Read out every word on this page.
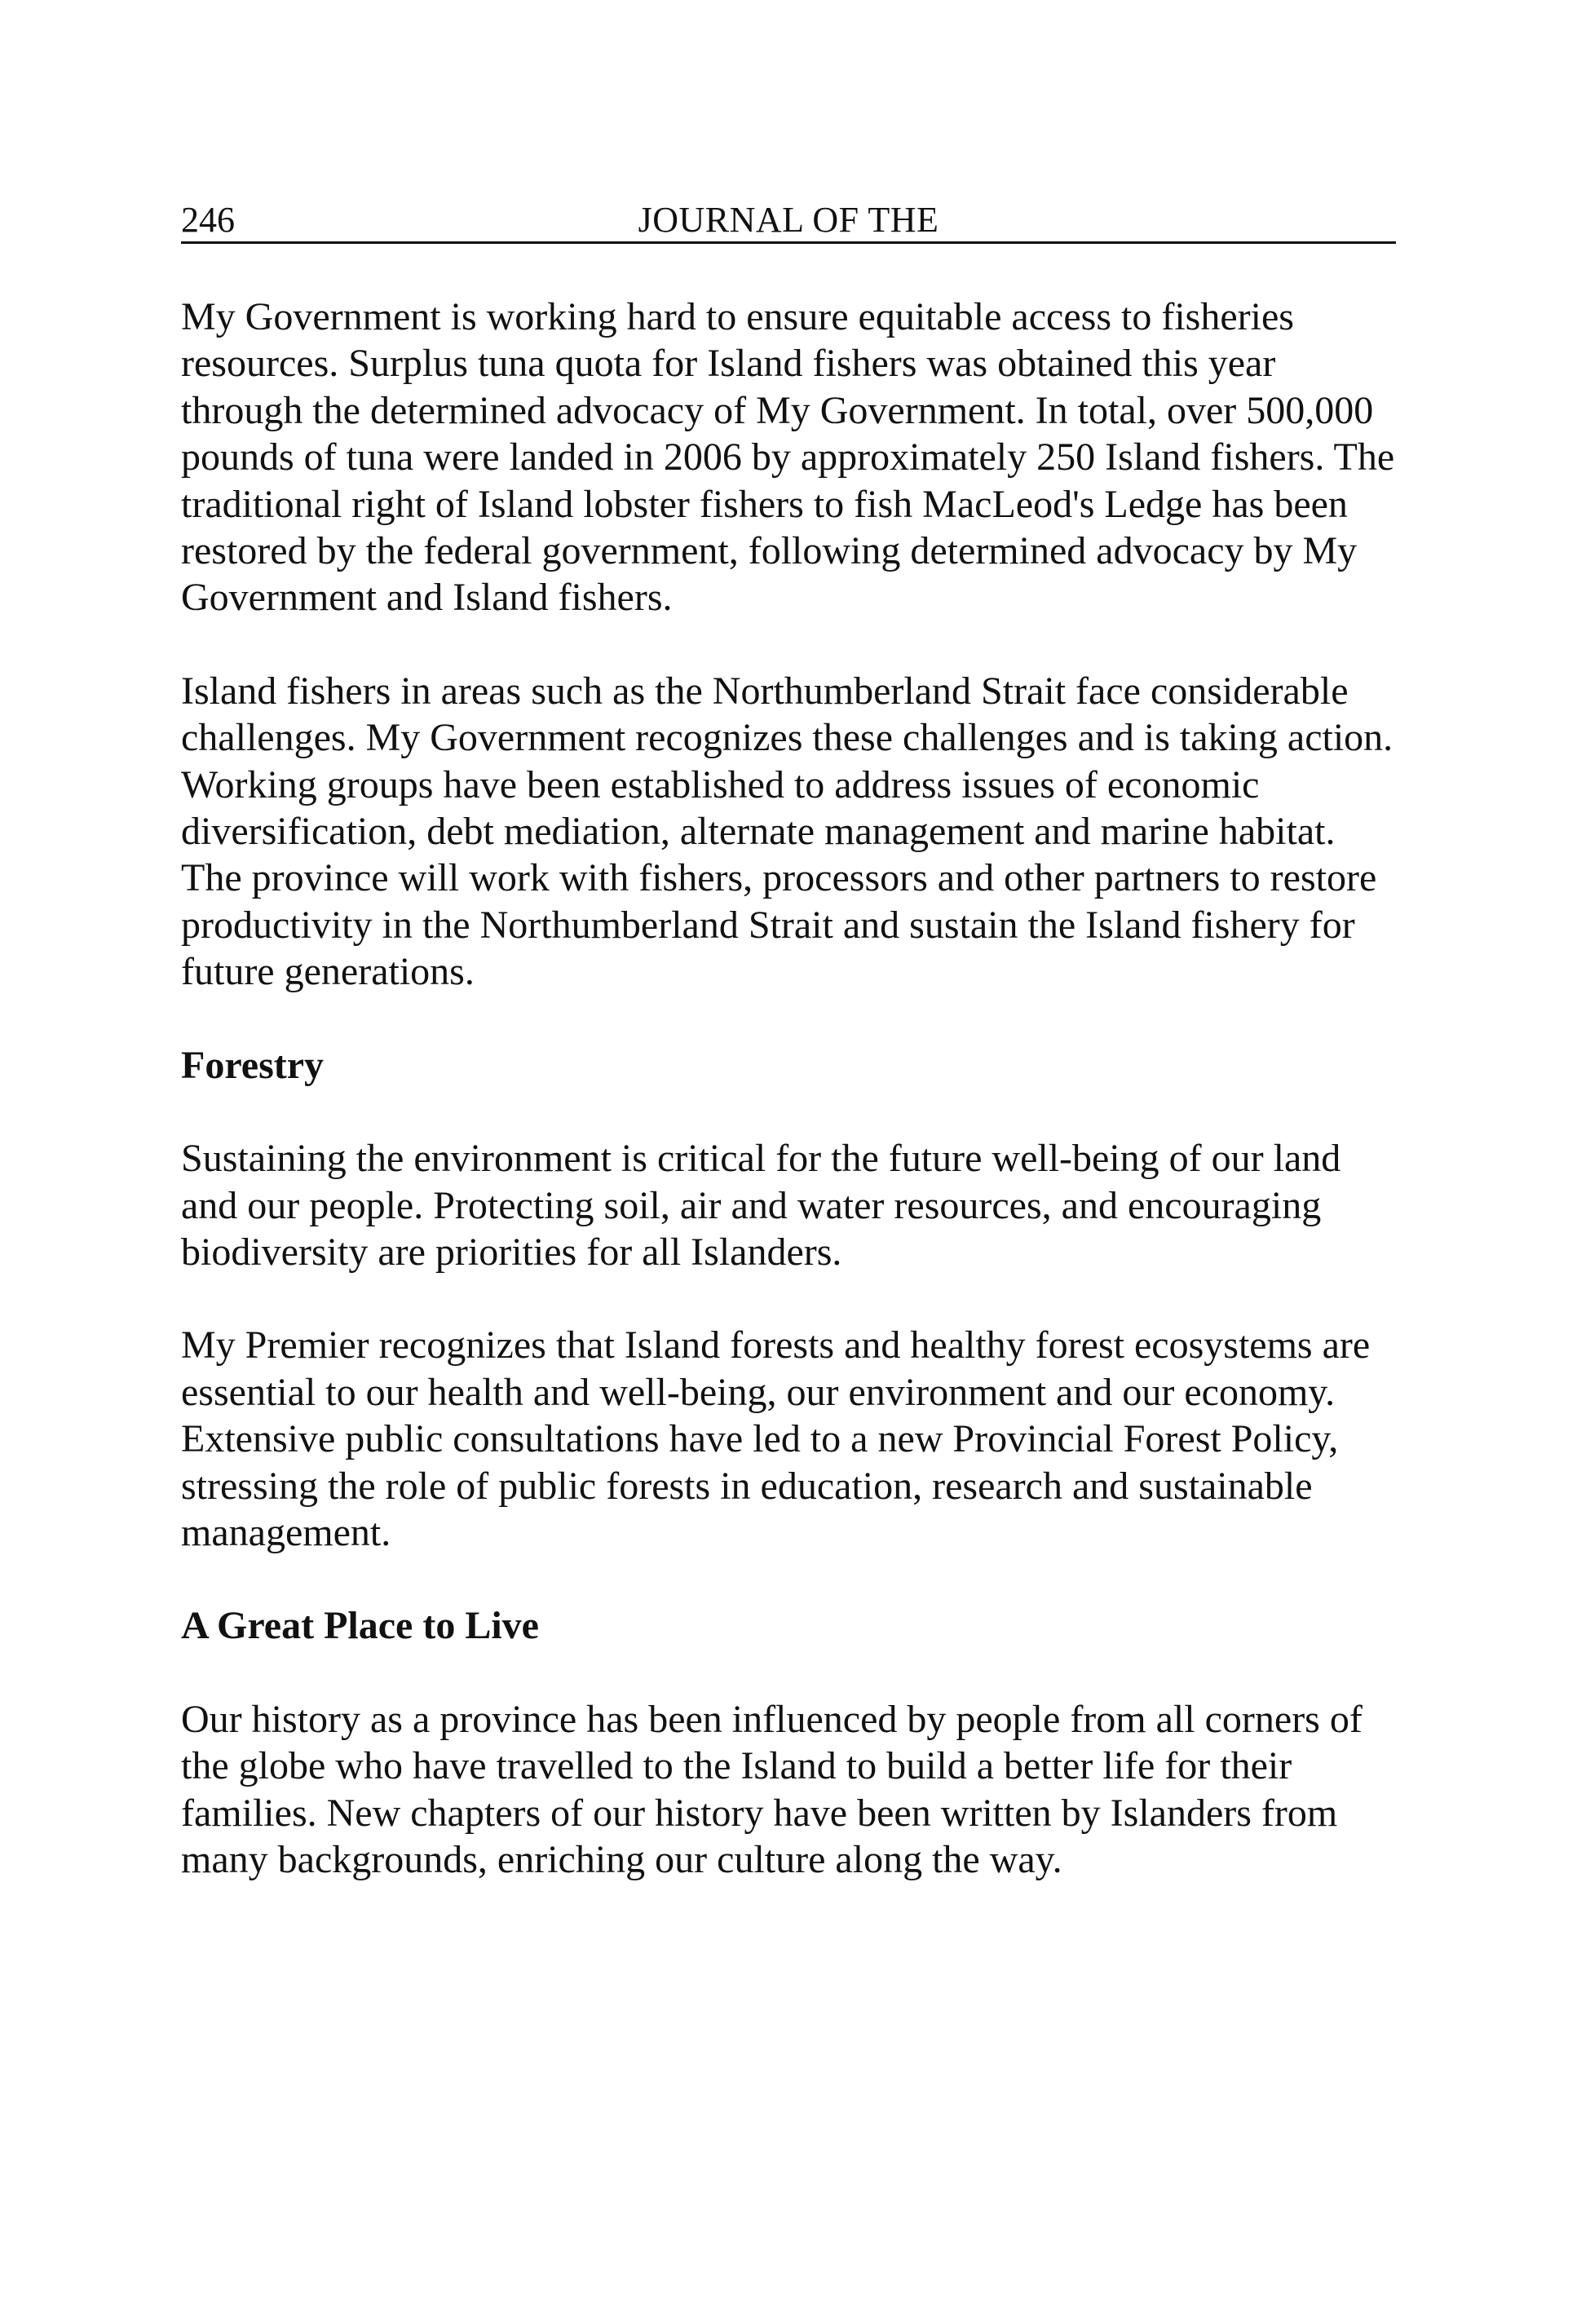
246	JOURNAL OF THE

My Government is working hard to ensure equitable access to fisheries resources. Surplus tuna quota for Island fishers was obtained this year through the determined advocacy of My Government. In total, over 500,000 pounds of tuna were landed in 2006 by approximately 250 Island fishers. The traditional right of Island lobster fishers to fish MacLeod's Ledge has been restored by the federal government, following determined advocacy by My Government and Island fishers.

Island fishers in areas such as the Northumberland Strait face considerable challenges. My Government recognizes these challenges and is taking action. Working groups have been established to address issues of economic diversification, debt mediation, alternate management and marine habitat. The province will work with fishers, processors and other partners to restore productivity in the Northumberland Strait and sustain the Island fishery for future generations.

Forestry

Sustaining the environment is critical for the future well-being of our land and our people. Protecting soil, air and water resources, and encouraging biodiversity are priorities for all Islanders.

My Premier recognizes that Island forests and healthy forest ecosystems are essential to our health and well-being, our environment and our economy. Extensive public consultations have led to a new Provincial Forest Policy, stressing the role of public forests in education, research and sustainable management.

A Great Place to Live

Our history as a province has been influenced by people from all corners of the globe who have travelled to the Island to build a better life for their families. New chapters of our history have been written by Islanders from many backgrounds, enriching our culture along the way.
